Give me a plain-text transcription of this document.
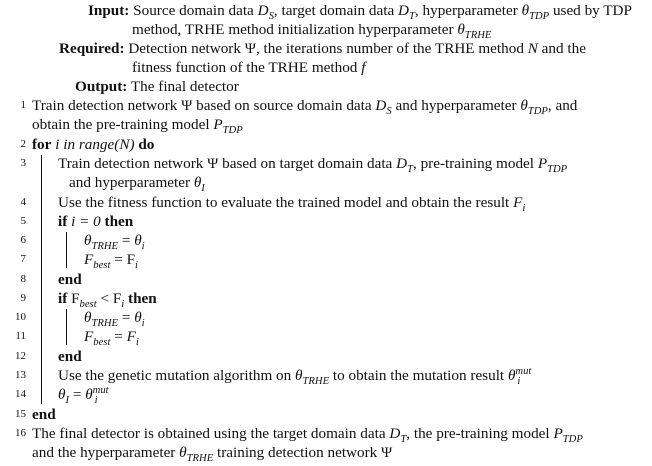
Input: Source domain data $D_S$, target domain data $D_T$, hyperparameter $\theta_{TDP}$ used by TDP
method, TRHE method initialization hyperparameter $\theta_{TRHE}$
Required: Detection network Ψ, the iterations number of the TRHE method N and the
fitness function of the TRHE method f
Output: The final detector
1 Train detection network Ψ based on source domain data $D_S$ and hyperparameter $\theta_{TDP}$, and
obtain the pre-training model $P_{TDP}$
2 for i in range(N) do
3 Train detection network Ψ based on target domain data $D_T$, pre-training model $P_{TDP}$
and hyperparameter $\theta_I$
4 Use the fitness function to evaluate the trained model and obtain the result $F_i$
5 if i = 0 then
6	$\theta_{TRHE} = \theta_i$
7	$F_{best} = F_i$
8 end
9 if $F_{best} < F_i$ then
10	$\theta_{TRHE} = \theta_i$
11	$F_{best} = F_i$
12 end
13 Use the genetic mutation algorithm on $\theta_{TRHE}$ to obtain the mutation result $\theta^{mut}_i$
14 $\theta_I = \theta^{mut}_i$
15 end
16 The final detector is obtained using the target domain data $D_T$, the pre-training model $P_{TDP}$
and the hyperparameter $\theta_{TRHE}$ training detection network Ψ
